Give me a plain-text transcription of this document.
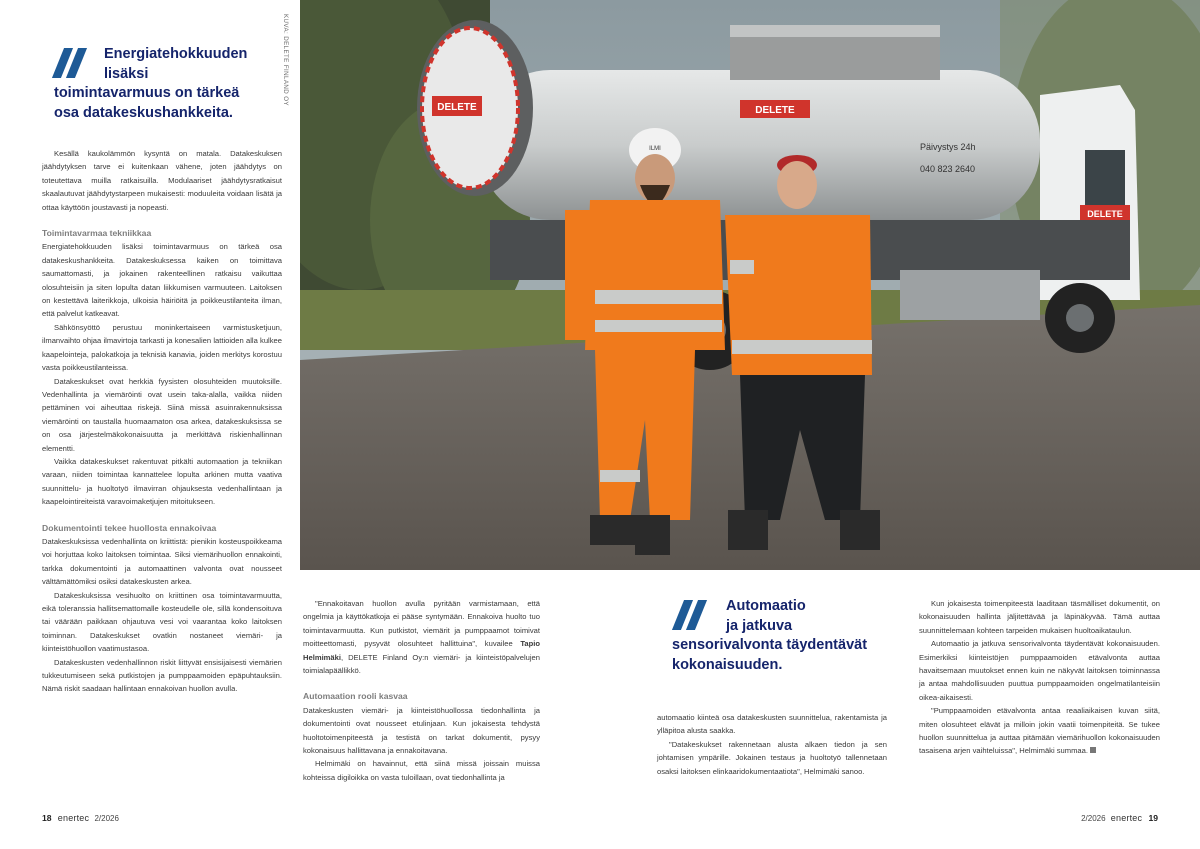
Energiatehokkuuden
lisäksi
toimintavarmuus on tärkeä
osa datakeskushankkeita.
KUVA: DELETE FINLAND OY

Kesällä kaukolämmön kysyntä on matala. Datakeskuksen jäähdytyksen tarve ei kuitenkaan vähene, joten jäähdytys on toteutettava muilla ratkaisuilla. Modulaariset jäähdytysratkaisut skaalautuvat jäähdytystarpeen mukaisesti: moduuleita voidaan lisätä ja ottaa käyttöön joustavasti ja nopeasti.

Toimintavarmaa tekniikkaa

Energiatehokkuuden lisäksi toimintavarmuus on tärkeä osa datakeskushankkeita. Datakeskuksessa kaiken on toimittava saumattomasti, ja jokainen rakenteellinen ratkaisu vaikuttaa olosuhteisiin ja siten lopulta datan liikkumisen varmuuteen. Laitoksen on kestettävä laiterikkoja, ulkoisia häiriöitä ja poikkeustilanteita ilman, että palvelut katkeavat.

Sähkönsyöttö perustuu moninkertaiseen varmistusketjuun, ilmanvaihto ohjaa ilmavirtoja tarkasti ja konesalien lattioiden alla kulkee kaapelointeja, palokatkoja ja teknisiä kanavia, joiden merkitys korostuu vasta poikkeustilanteissa.

Datakeskukset ovat herkkiä fyysisten olosuhteiden muutoksille. Vedenhallinta ja viemäröinti ovat usein taka-alalla, vaikka niiden pettäminen voi aiheuttaa riskejä. Siinä missä asuinrakennuksissa viemäröinti on taustalla huomaamaton osa arkea, datakeskuksissa se on osa järjestelmäkokonaisuutta ja merkittävä riskienhallinnan elementti.

Vaikka datakeskukset rakentuvat pitkälti automaation ja tekniikan varaan, niiden toimintaa kannattelee lopulta arkinen mutta vaativa suunnittelu- ja huoltotyö ilmavirran ohjauksesta vedenhallintaan ja kaapelointireiteistä varavoimaketjujen mitoitukseen.

Dokumentointi tekee huollosta ennakoivaa

Datakeskuksissa vedenhallinta on kriittistä: pienikin kosteuspoikkeama voi horjuttaa koko laitoksen toimintaa. Siksi viemärihuollon ennakointi, tarkka dokumentointi ja automaattinen valvonta ovat nousseet välttämättömiksi osiksi datakeskusten arkea.

Datakeskuksissa vesihuolto on kriittinen osa toimintavarmuutta, eikä toleranssia hallitsemattomalle kosteudelle ole, sillä kondensoituva tai väärään paikkaan ohjautuva vesi voi vaarantaa koko laitoksen toiminnan. Datakeskukset ovatkin nostaneet viemäri- ja kiinteistöhuollon vaatimustasoa.

Datakeskusten vedenhallinnon riskit liittyvät ensisijaisesti viemärien tukkeutumiseen sekä putkistojen ja pumppaamoiden epäpuhtauksiin. Nämä riskit saadaan hallintaan ennakoivan huollon avulla.

DELETE	DELETE
DELETE
Päivystys 24h
040 823 2640
ILMI

"Ennakoitavan huollon avulla pyritään varmistamaan, että ongelmia ja käyttökatkoja ei pääse syntymään. Ennakoiva huolto tuo toimintavarmuutta. Kun putkistot, viemärit ja pumppaamot toimivat moitteettomasti, pysyvät olosuhteet hallittuina", kuvailee Tapio Helmimäki, DELETE Finland Oy:n viemäri- ja kiinteistöpalvelujen toimialapäällikkö.

Automaation rooli kasvaa

Datakeskusten viemäri- ja kiinteistöhuollossa tiedonhallinta ja dokumentointi ovat nousseet etulinjaan. Kun jokaisesta tehdystä huoltotoimenpiteestä ja testistä on tarkat dokumentit, pysyy kokonaisuus hallittavana ja ennakoitavana.

Helmimäki on havainnut, että siinä missä joissain muissa kohteissa digiloikka on vasta tuloillaan, ovat tiedonhallinta ja

Automaatio
ja jatkuva
sensorivalvonta täydentävät
kokonaisuuden.

automaatio kiinteä osa datakeskusten suunnittelua, rakentamista ja ylläpitoa alusta saakka.

"Datakeskukset rakennetaan alusta alkaen tiedon ja sen johtamisen ympärille. Jokainen testaus ja huoltotyö tallennetaan osaksi laitoksen elinkaaridokumentaatiota", Helmimäki sanoo.

Kun jokaisesta toimenpiteestä laaditaan täsmälliset dokumentit, on kokonaisuuden hallinta jäljitettävää ja läpinäkyvää. Tämä auttaa suunnittelemaan kohteen tarpeiden mukaisen huoltoaikataulun.

Automaatio ja jatkuva sensorivalvonta täydentävät kokonaisuuden. Esimerkiksi kiinteistöjen pumppaamoiden etävalvonta auttaa havaitsemaan muutokset ennen kuin ne näkyvät laitoksen toiminnassa ja antaa mahdollisuuden puuttua pumppaamoiden ongelmatilanteisiin oikea-aikaisesti.

"Pumppaamoiden etävalvonta antaa reaaliaikaisen kuvan siitä, miten olosuhteet elävät ja milloin jokin vaatii toimenpiteitä. Se tukee huollon suunnittelua ja auttaa pitämään viemärihuollon kokonaisuuden tasaisena arjen vaihteluissa", Helmimäki summaa.

18 enertec 2/2026	2/2026 enertec 19
